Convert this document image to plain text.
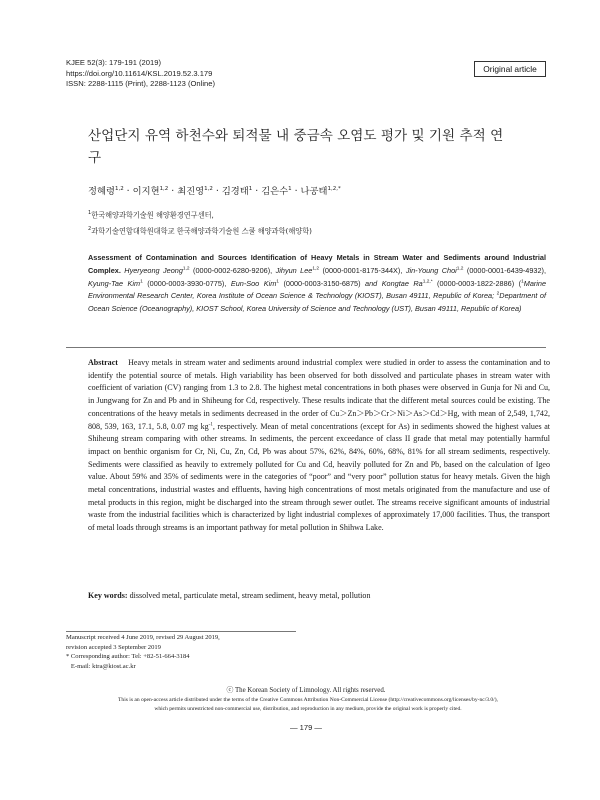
KJEE 52(3): 179-191 (2019)
https://doi.org/10.11614/KSL.2019.52.3.179
ISSN: 2288-1115 (Print), 2288-1123 (Online)
Original article
산업단지 유역 하천수와 퇴적물 내 중금속 오염도 평가 및 기원 추적 연구
정혜령$^{1,2}$ · 이지현$^{1,2}$ · 최진영$^{1,2}$ · 김경태$^1$ · 김은수$^1$ · 나공태$^{1,2,*}$
$^1$한국해양과학기술원 해양환경연구센터,
$^2$과학기술연합대학원대학교 한국해양과학기술원 스쿨 해양과학(해양학)
Assessment of Contamination and Sources Identification of Heavy Metals in Stream Water and Sediments around Industrial Complex. Hyeryeong Jeong$^{1,2}$ (0000-0002-6280-9206), Jihyun Lee$^{1,2}$ (0000-0001-8175-344X), Jin-Young Choi$^{1,2}$ (0000-0001-6439-4932), Kyung-Tae Kim$^1$ (0000-0003-3930-0775), Eun-Soo Kim$^1$ (0000-0003-3150-6875) and Kongtae $Ra^{1,2,*}$ (0000-0003-1822-2886) ($^1$Marine Environmental Research Center, Korea Institute of Ocean Science & Technology (KIOST), Busan 49111, Republic of Korea; $^2$Department of Ocean Science (Oceanography), KIOST School, Korea University of Science and Technology (UST), Busan 49111, Republic of Korea)
Abstract Heavy metals in stream water and sediments around industrial complex were studied in order to assess the contamination and to identify the potential source of metals. High variability has been observed for both dissolved and particulate phases in stream water with coefficient of variation (CV) ranging from 1.3 to 2.8. The highest metal concentrations in both phases were observed in Gunja for Ni and Cu, in Jungwang for Zn and Pb and in Shiheung for Cd, respectively. These results indicate that the different metal sources could be existing. The concentrations of the heavy metals in sediments decreased in the order of Cu＞Zn＞Pb＞Cr＞Ni＞As＞Cd＞Hg, with mean of 2,549, 1,742, 808, 539, 163, 17.1, 5.8, 0.07 mg $kg^{-1}$, respectively. Mean of metal concentrations (except for As) in sediments showed the highest values at Shiheung stream comparing with other streams. In sediments, the percent exceedance of class II grade that metal may potentially harmful impact on benthic organism for Cr, Ni, Cu, Zn, Cd, Pb was about 57%, 62%, 84%, 60%, 68%, 81% for all stream sediments, respectively. Sediments were classified as heavily to extremely polluted for Cu and Cd, heavily polluted for Zn and Pb, based on the calculation of Igeo value. About 59% and 35% of sediments were in the categories of “poor” and “very poor” pollution status for heavy metals. Given the high metal concentrations, industrial wastes and effluents, having high concentrations of most metals originated from the manufacture and use of metal products in this region, might be discharged into the stream through sewer outlet. The streams receive significant amounts of industrial waste from the industrial facilities which is characterized by light industrial complexes of approximately 17,000 facilities. Thus, the transport of metal loads through streams is an important pathway for metal pollution in Shihwa Lake.
Key words: dissolved metal, particulate metal, stream sediment, heavy metal, pollution
Manuscript received 4 June 2019, revised 29 August 2019,
revision accepted 3 September 2019
* Corresponding author: Tel: +82-51-664-3184
E-mail: ktra@kiost.ac.kr
ⓒ The Korean Society of Limnology. All rights reserved.
This is an open-access article distributed under the terms of the Creative Commons Attribution Non-Commercial License (http://creativecommons.org/licenses/by-nc/3.0/),
which permits unrestricted non-commercial use, distribution, and reproduction in any medium, provide the original work is properly cited.
— 179 —
